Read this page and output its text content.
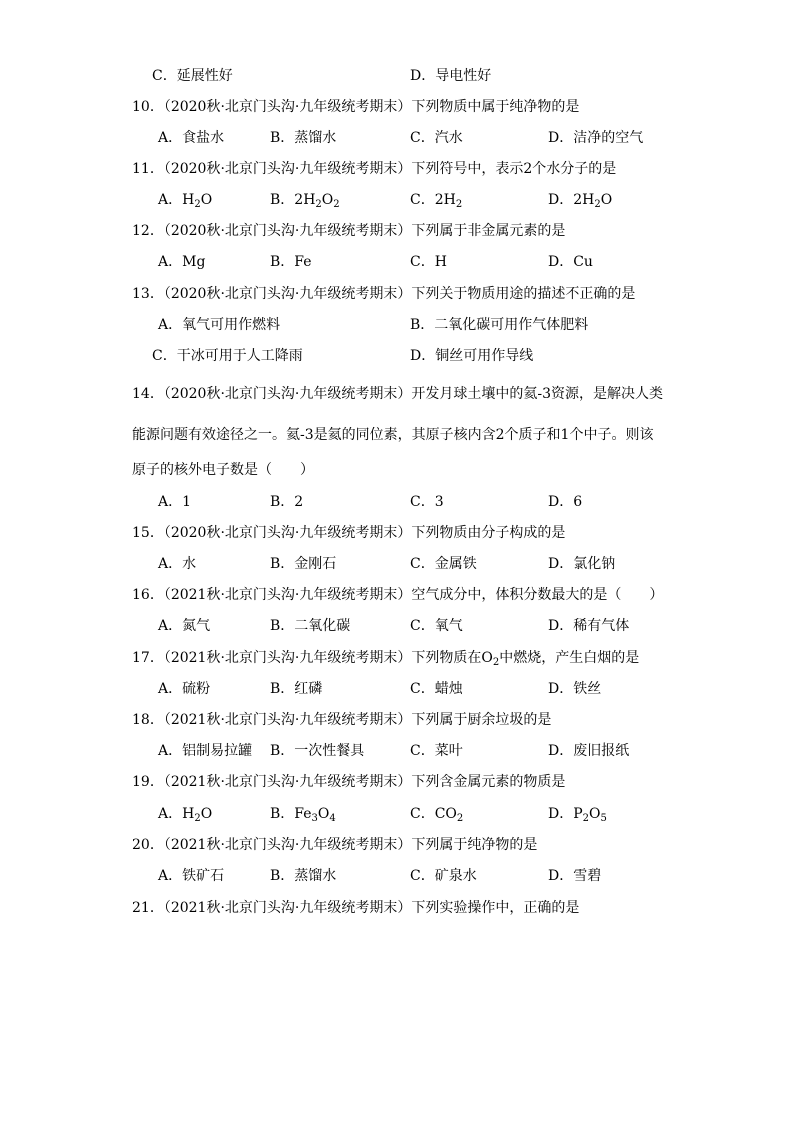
C．延展性好	D．导电性好
10．（2020秋·北京门头沟·九年级统考期末）下列物质中属于纯净物的是
A．食盐水	B．蒸馏水	C．汽水	D．洁净的空气
11．（2020秋·北京门头沟·九年级统考期末）下列符号中，表示2个水分子的是
A．$H_2O$	B．$2H_2O_2$	C．$2H_2$	D．$2H_2O$
12．（2020秋·北京门头沟·九年级统考期末）下列属于非金属元素的是
A．Mg	B．Fe	C．H	D．Cu
13．（2020秋·北京门头沟·九年级统考期末）下列关于物质用途的描述不正确的是
A．氧气可用作燃料	B．二氧化碳可用作气体肥料
C．干冰可用于人工降雨	D．铜丝可用作导线
14．（2020秋·北京门头沟·九年级统考期末）开发月球土壤中的氦-3资源，是解决人类
能源问题有效途径之一。氦-3是氦的同位素，其原子核内含2个质子和1个中子。则该
原子的核外电子数是（　　）
A．1	B．2	C．3	D．6
15．（2020秋·北京门头沟·九年级统考期末）下列物质由分子构成的是
A．水	B．金刚石	C．金属铁	D．氯化钠
16．（2021秋·北京门头沟·九年级统考期末）空气成分中，体积分数最大的是（　　）
A．氮气	B．二氧化碳	C．氧气	D．稀有气体
17．（2021秋·北京门头沟·九年级统考期末）下列物质在$O_2$中燃烧，产生白烟的是
A．硫粉	B．红磷	C．蜡烛	D．铁丝
18．（2021秋·北京门头沟·九年级统考期末）下列属于厨余垃圾的是
A．铝制易拉罐 B．一次性餐具	C．菜叶	D．废旧报纸
19．（2021秋·北京门头沟·九年级统考期末）下列含金属元素的物质是
A．$H_2O$	B．$Fe_3O_4$	C．$CO_2$	D．$P_2O_5$
20．（2021秋·北京门头沟·九年级统考期末）下列属于纯净物的是
A．铁矿石	B．蒸馏水	C．矿泉水	D．雪碧
21．（2021秋·北京门头沟·九年级统考期末）下列实验操作中，正确的是
